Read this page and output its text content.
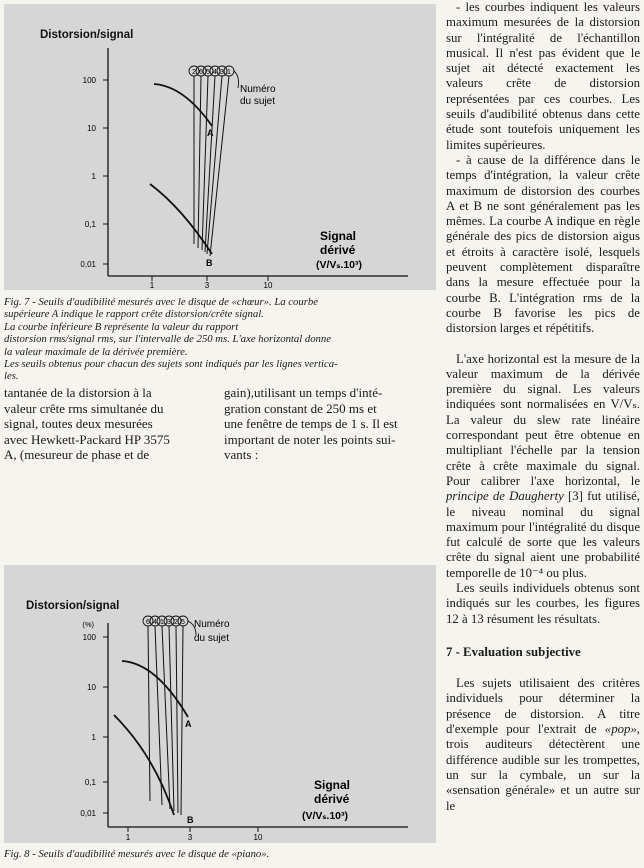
Distorsion/signal
100
10
1
0,1
0,01
1	3	10
A
B
2 6 5 4 3 1
Numéro
du sujet
Signal
dérivé
(V/Vₛ.10³)
Fig. 7 - Seuils d'audibilité mesurés avec le disque de «chœur». La courbe
supérieure A indique le rapport crête distorsion/crête signal.
La courbe inférieure B représente la valeur du rapport
distorsion rms/signal rms, sur l'intervalle de 250 ms. L'axe horizontal donne
la valeur maximale de la dérivée première.
Les seuils obtenus pour chacun des sujets sont indiqués par les lignes vertica-
les.
tantanée de la distorsion à la
valeur crête rms simultanée du
signal, toutes deux mesurées
avec Hewkett-Packard HP 3575
A, (mesureur de phase et de
gain),utilisant un temps d'inté-
gration constant de 250 ms et
une fenêtre de temps de 1 s. Il est
important de noter les points sui-
vants :
Distorsion/signal
(%)
100
10
1
0,1
0,01
1	3	10
A
B
6 4 1 3 2 5 Numéro
du sujet
Signal
dérivé
(V/Vₛ.10³)
Fig. 8 - Seuils d'audibilité mesurés avec le disque de «piano».

- les courbes indiquent les valeurs maximum mesurées de la distorsion sur l'intégralité de l'échantillon musical. Il n'est pas évident que le sujet ait détecté exactement les valeurs crête de distorsion représentées par ces courbes. Les seuils d'audibilité obtenus dans cette étude sont toutefois uniquement les limites supérieures.

- à cause de la différence dans le temps d'intégration, la valeur crête maximum de distorsion des courbes A et B ne sont généralement pas les mêmes. La courbe A indique en règle générale des pics de distorsion aigus et étroits à caractère isolé, lesquels peuvent complètement disparaître dans la mesure effectuée pour la courbe B. L'intégration rms de la courbe B favorise les pics de distorsion larges et répétitifs.

L'axe horizontal est la mesure de la valeur maximum de la dérivée première du signal. Les valeurs indiquées sont normalisées en V/Vₛ. La valeur du slew rate linéaire correspondant peut être obtenue en multipliant l'échelle par la tension crête à crête maximale du signal. Pour calibrer l'axe horizontal, le principe de Daugherty [3] fut utilisé, le niveau nominal du signal maximum pour l'intégralité du disque fut calculé de sorte que les valeurs crête du signal aient une probabilité temporelle de 10⁻⁴ ou plus.

Les seuils individuels obtenus sont indiqués sur les courbes, les figures 12 à 13 résument les résultats.

7 - Evaluation subjective

Les sujets utilisaient des critères individuels pour déterminer la présence de distorsion. A titre d'exemple pour l'extrait de «pop», trois auditeurs détectèrent une différence audible sur les trompettes, un sur la cymbale, un sur la «sensation générale» et un autre sur le
